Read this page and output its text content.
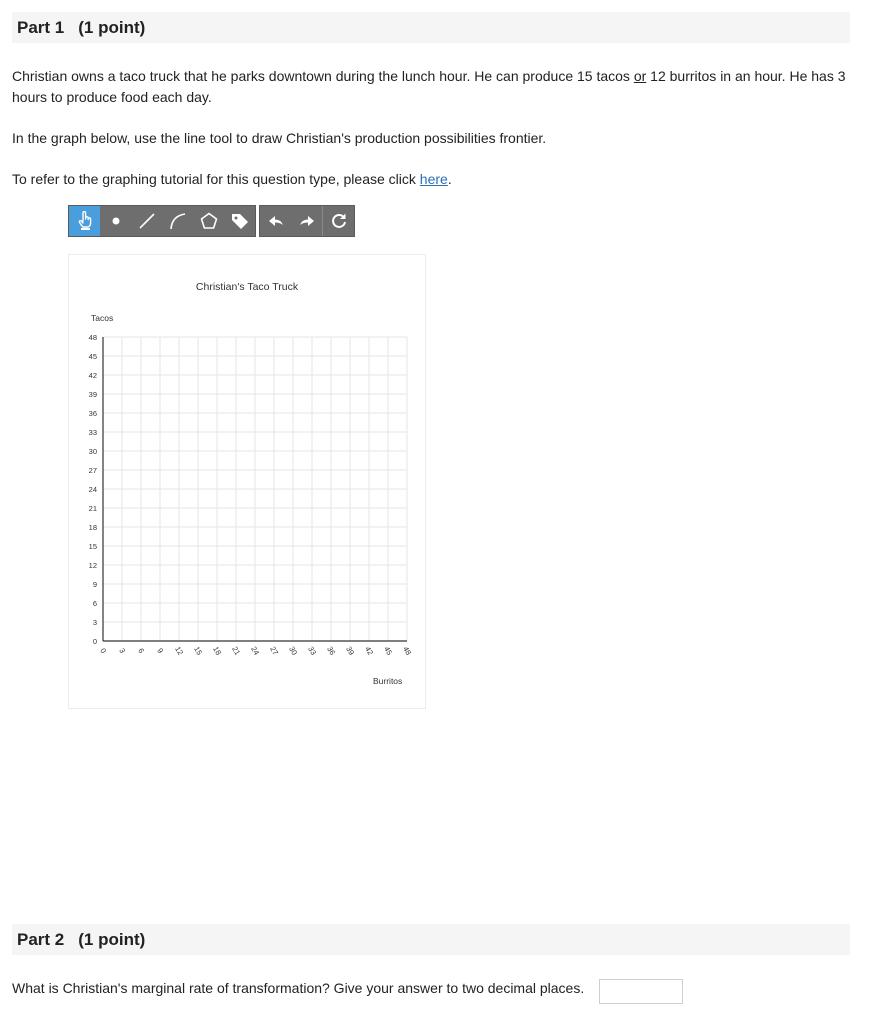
Part 1 (1 point)
Christian owns a taco truck that he parks downtown during the lunch hour. He can produce 15 tacos or 12 burritos in an hour. He has 3 hours to produce food each day.
In the graph below, use the line tool to draw Christian's production possibilities frontier.
To refer to the graphing tutorial for this question type, please click here.
0
3
6
9
12
15
18
21
24
27
30
33
36
39
42
45
48
0 3 6 9 12 15 18 21 24 27 30 33 36 39 42 45 48
Christian's Taco Truck
Tacos
Burritos
Part 2 (1 point)
What is Christian's marginal rate of transformation? Give your answer to two decimal places.
